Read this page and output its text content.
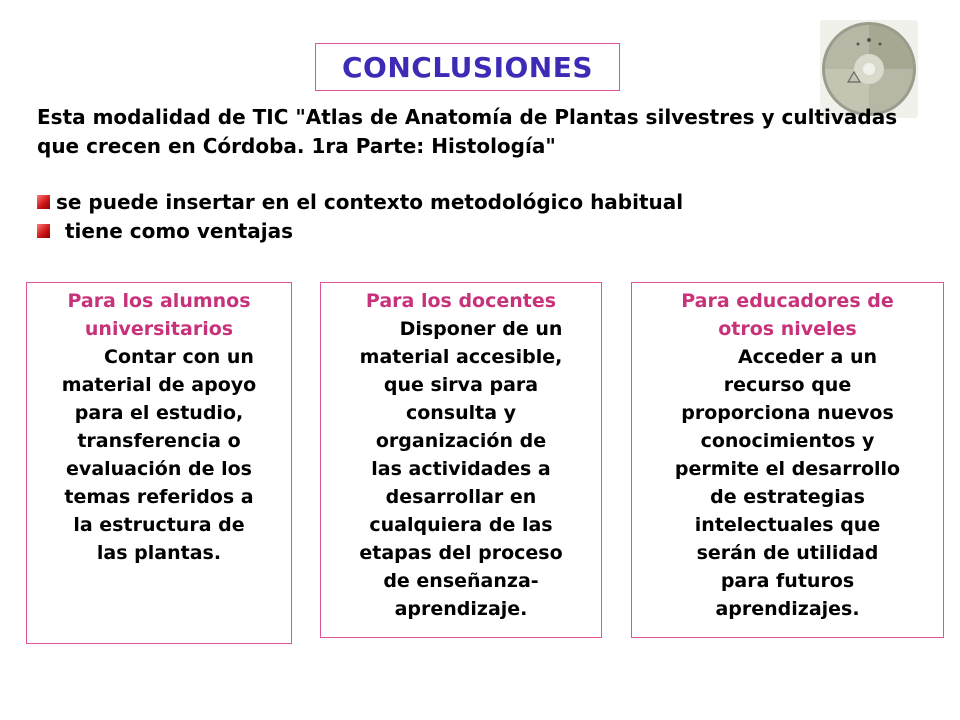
CONCLUSIONES
Esta modalidad de TIC "Atlas de Anatomía de Plantas silvestres y cultivadas que crecen en Córdoba. 1ra Parte: Histología"
se puede insertar en el contexto metodológico habitual
tiene como ventajas
Para los alumnos
universitarios
Contar con un
material de apoyo
para el estudio,
transferencia o
evaluación de los
temas referidos a
la estructura de
las plantas.
Para los docentes
Disponer de un
material accesible,
que sirva para
consulta y
organización de
las actividades a
desarrollar en
cualquiera de las
etapas del proceso
de enseñanza-
aprendizaje.
Para educadores de
otros niveles
Acceder a un
recurso que
proporciona nuevos
conocimientos y
permite el desarrollo
de estrategias
intelectuales que
serán de utilidad
para futuros
aprendizajes.
